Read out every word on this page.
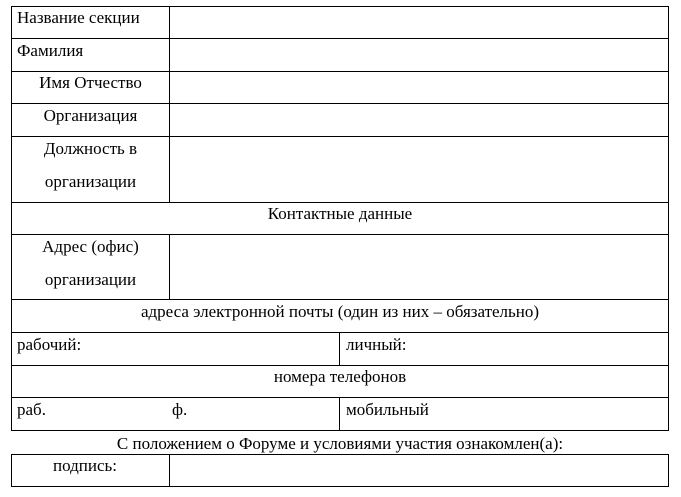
Название секции
Фамилия
Имя Отчество
Организация
Должность в
организации
Контактные данные
Адрес (офис)
организации
адреса электронной почты (один из них – обязательно)
рабочий:	личный:
номера телефонов
раб.	ф.	мобильный
С положением о Форуме и условиями участия ознакомлен(а):
подпись:
